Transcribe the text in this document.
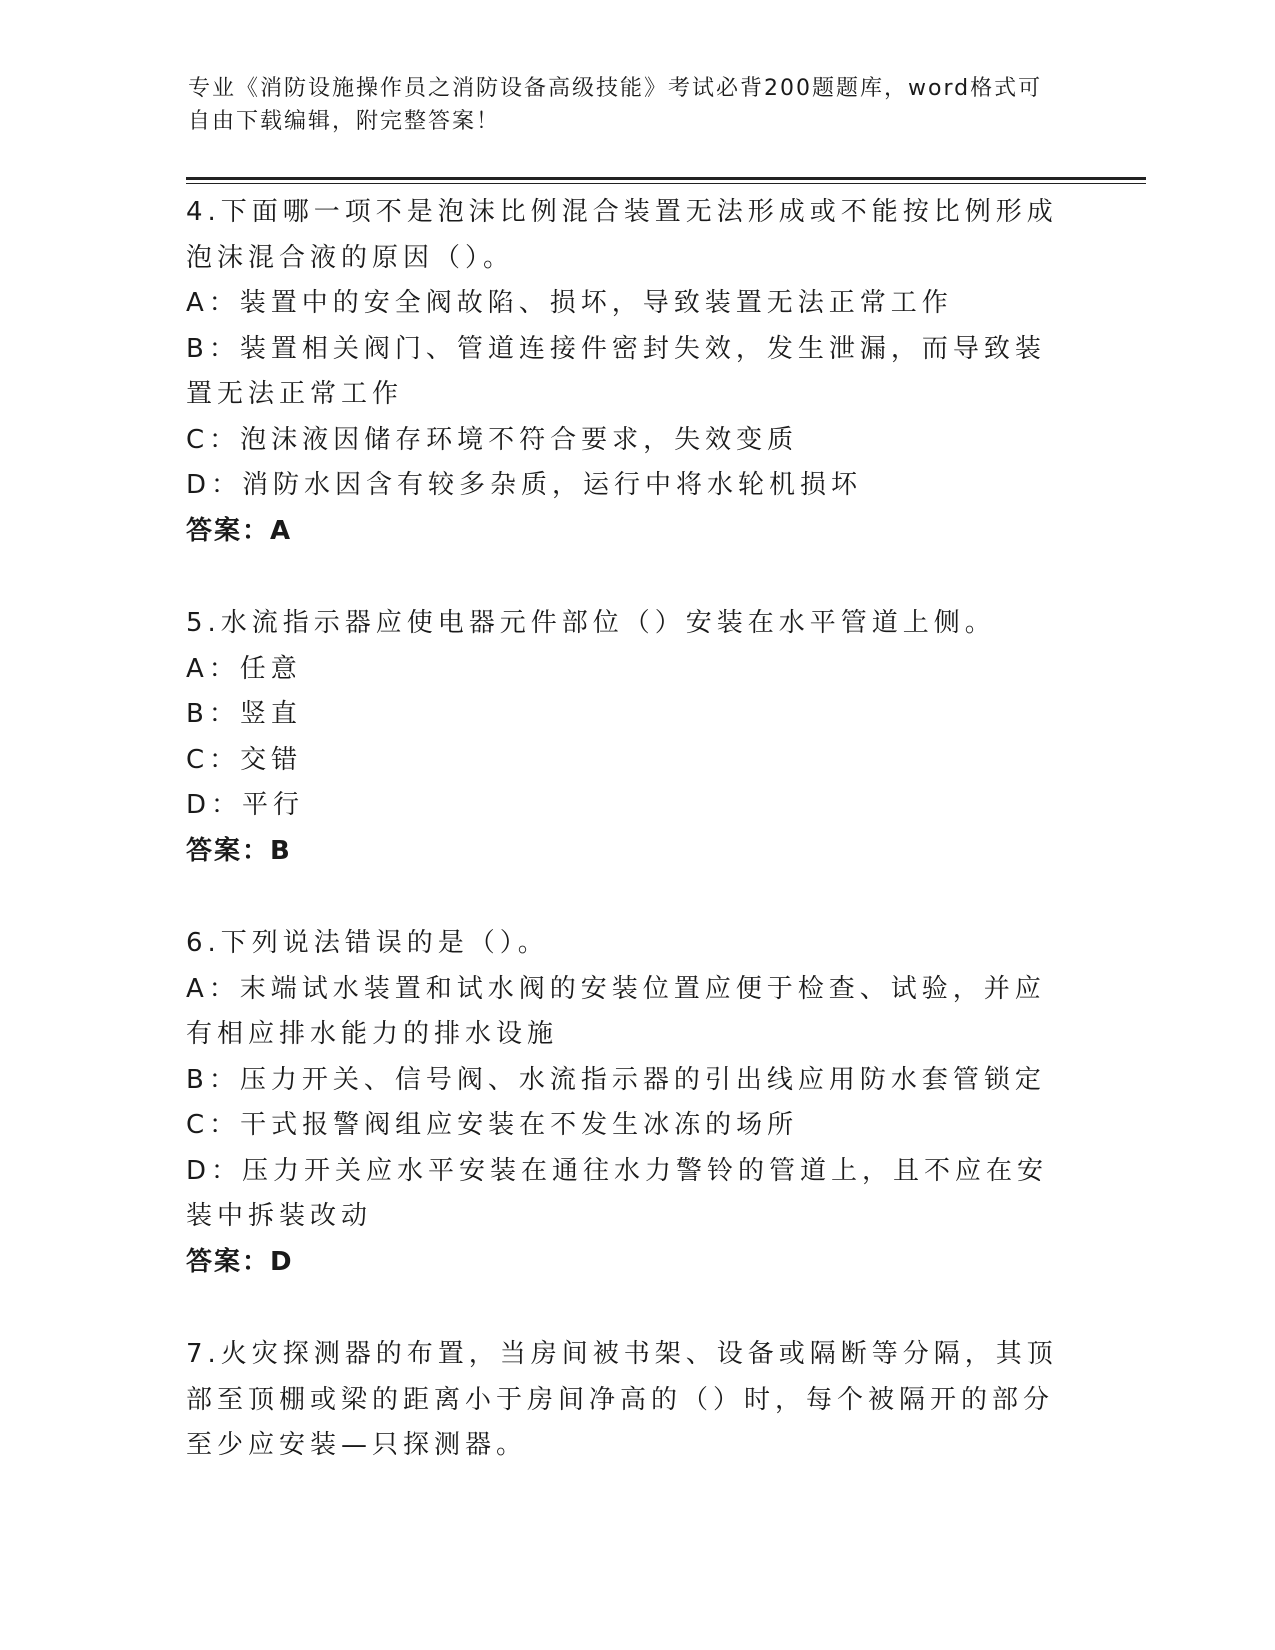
专业《消防设施操作员之消防设备高级技能》考试必背200题题库，word格式可
自由下载编辑，附完整答案！

4.下面哪一项不是泡沫比例混合装置无法形成或不能按比例形成泡沫混合液的原因（）。

A：装置中的安全阀故陷、损坏，导致装置无法正常工作

B：装置相关阀门、管道连接件密封失效，发生泄漏，而导致装置无法正常工作

C：泡沫液因储存环境不符合要求，失效变质

D：消防水因含有较多杂质，运行中将水轮机损坏

答案：A

5.水流指示器应使电器元件部位（）安装在水平管道上侧。

A：任意

B：竖直

C：交错

D：平行

答案：B

6.下列说法错误的是（）。

A：末端试水装置和试水阀的安装位置应便于检查、试验，并应有相应排水能力的排水设施

B：压力开关、信号阀、水流指示器的引出线应用防水套管锁定

C：干式报警阀组应安装在不发生冰冻的场所

D：压力开关应水平安装在通往水力警铃的管道上，且不应在安装中拆装改动

答案：D

7.火灾探测器的布置，当房间被书架、设备或隔断等分隔，其顶部至顶棚或梁的距离小于房间净高的（）时，每个被隔开的部分至少应安装—只探测器。
